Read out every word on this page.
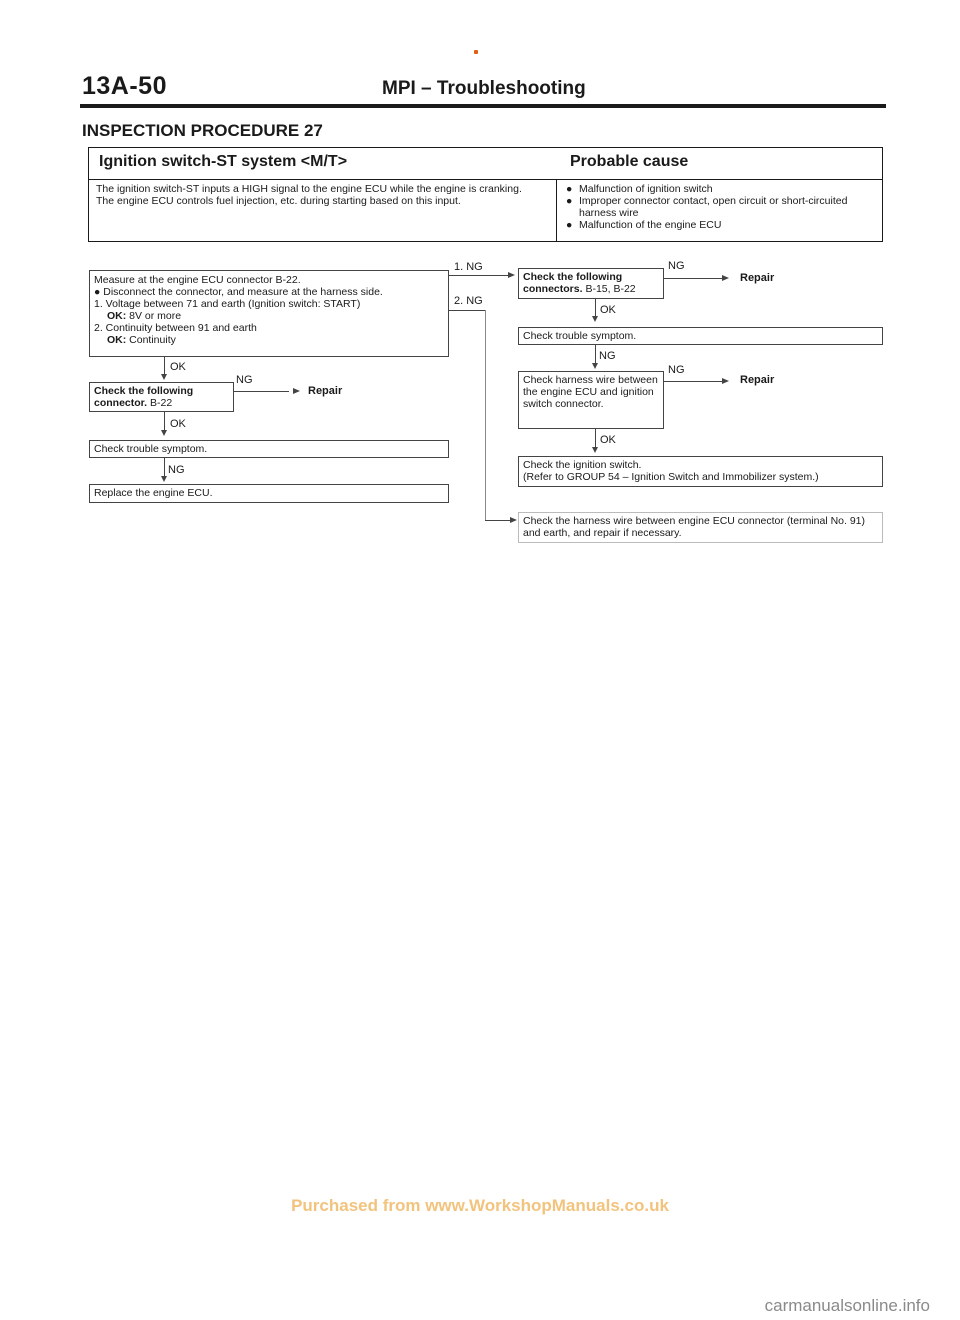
13A-50	MPI – Troubleshooting
INSPECTION PROCEDURE 27
Ignition switch-ST system <M/T>	Probable cause
The ignition switch-ST inputs a HIGH signal to the engine ECU while the engine is cranking.
The engine ECU controls fuel injection, etc. during starting based on this input.
● Malfunction of ignition switch
● Improper connector contact, open circuit or short-circuited harness wire
● Malfunction of the engine ECU
Measure at the engine ECU connector B-22.
● Disconnect the connector, and measure at the harness side.
1. Voltage between 71 and earth (Ignition switch: START)
OK: 8V or more
2. Continuity between 91 and earth
OK: Continuity
OK
Check the following connector. B-22
NG
Repair
OK
Check trouble symptom.
NG
Replace the engine ECU.
1. NG
2. NG
Check the following connectors. B-15, B-22
NG
Repair
OK
Check trouble symptom.
NG
Check harness wire between the engine ECU and ignition switch connector.
NG
Repair
OK
Check the ignition switch.
(Refer to GROUP 54 – Ignition Switch and Immobilizer system.)
Check the harness wire between engine ECU connector (terminal No. 91) and earth, and repair if necessary.
Purchased from www.WorkshopManuals.co.uk
carmanualsonline.info
